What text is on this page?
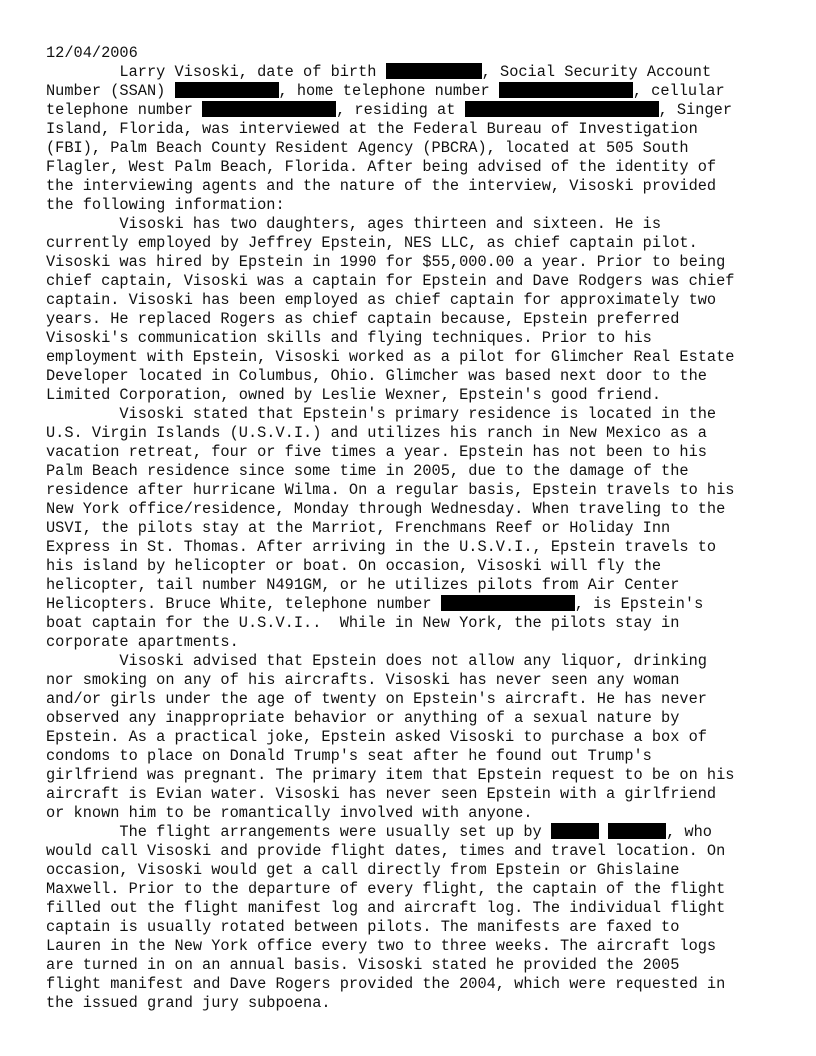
12/04/2006
Larry Visoski, date of birth	, Social Security Account
Number (SSAN)	, home telephone number	, cellular
telephone number	, residing at	, Singer
Island, Florida, was interviewed at the Federal Bureau of Investigation
(FBI), Palm Beach County Resident Agency (PBCRA), located at 505 South
Flagler, West Palm Beach, Florida. After being advised of the identity of
the interviewing agents and the nature of the interview, Visoski provided
the following information:
Visoski has two daughters, ages thirteen and sixteen. He is
currently employed by Jeffrey Epstein, NES LLC, as chief captain pilot.
Visoski was hired by Epstein in 1990 for $55,000.00 a year. Prior to being
chief captain, Visoski was a captain for Epstein and Dave Rodgers was chief
captain. Visoski has been employed as chief captain for approximately two
years. He replaced Rogers as chief captain because, Epstein preferred
Visoski's communication skills and flying techniques. Prior to his
employment with Epstein, Visoski worked as a pilot for Glimcher Real Estate
Developer located in Columbus, Ohio. Glimcher was based next door to the
Limited Corporation, owned by Leslie Wexner, Epstein's good friend.
Visoski stated that Epstein's primary residence is located in the
U.S. Virgin Islands (U.S.V.I.) and utilizes his ranch in New Mexico as a
vacation retreat, four or five times a year. Epstein has not been to his
Palm Beach residence since some time in 2005, due to the damage of the
residence after hurricane Wilma. On a regular basis, Epstein travels to his
New York office/residence, Monday through Wednesday. When traveling to the
USVI, the pilots stay at the Marriot, Frenchmans Reef or Holiday Inn
Express in St. Thomas. After arriving in the U.S.V.I., Epstein travels to
his island by helicopter or boat. On occasion, Visoski will fly the
helicopter, tail number N491GM, or he utilizes pilots from Air Center
Helicopters. Bruce White, telephone number	, is Epstein's
boat captain for the U.S.V.I..  While in New York, the pilots stay in
corporate apartments.
Visoski advised that Epstein does not allow any liquor, drinking
nor smoking on any of his aircrafts. Visoski has never seen any woman
and/or girls under the age of twenty on Epstein's aircraft. He has never
observed any inappropriate behavior or anything of a sexual nature by
Epstein. As a practical joke, Epstein asked Visoski to purchase a box of
condoms to place on Donald Trump's seat after he found out Trump's
girlfriend was pregnant. The primary item that Epstein request to be on his
aircraft is Evian water. Visoski has never seen Epstein with a girlfriend
or known him to be romantically involved with anyone.
The flight arrangements were usually set up by	, who
would call Visoski and provide flight dates, times and travel location. On
occasion, Visoski would get a call directly from Epstein or Ghislaine
Maxwell. Prior to the departure of every flight, the captain of the flight
filled out the flight manifest log and aircraft log. The individual flight
captain is usually rotated between pilots. The manifests are faxed to
Lauren in the New York office every two to three weeks. The aircraft logs
are turned in on an annual basis. Visoski stated he provided the 2005
flight manifest and Dave Rogers provided the 2004, which were requested in
the issued grand jury subpoena.
